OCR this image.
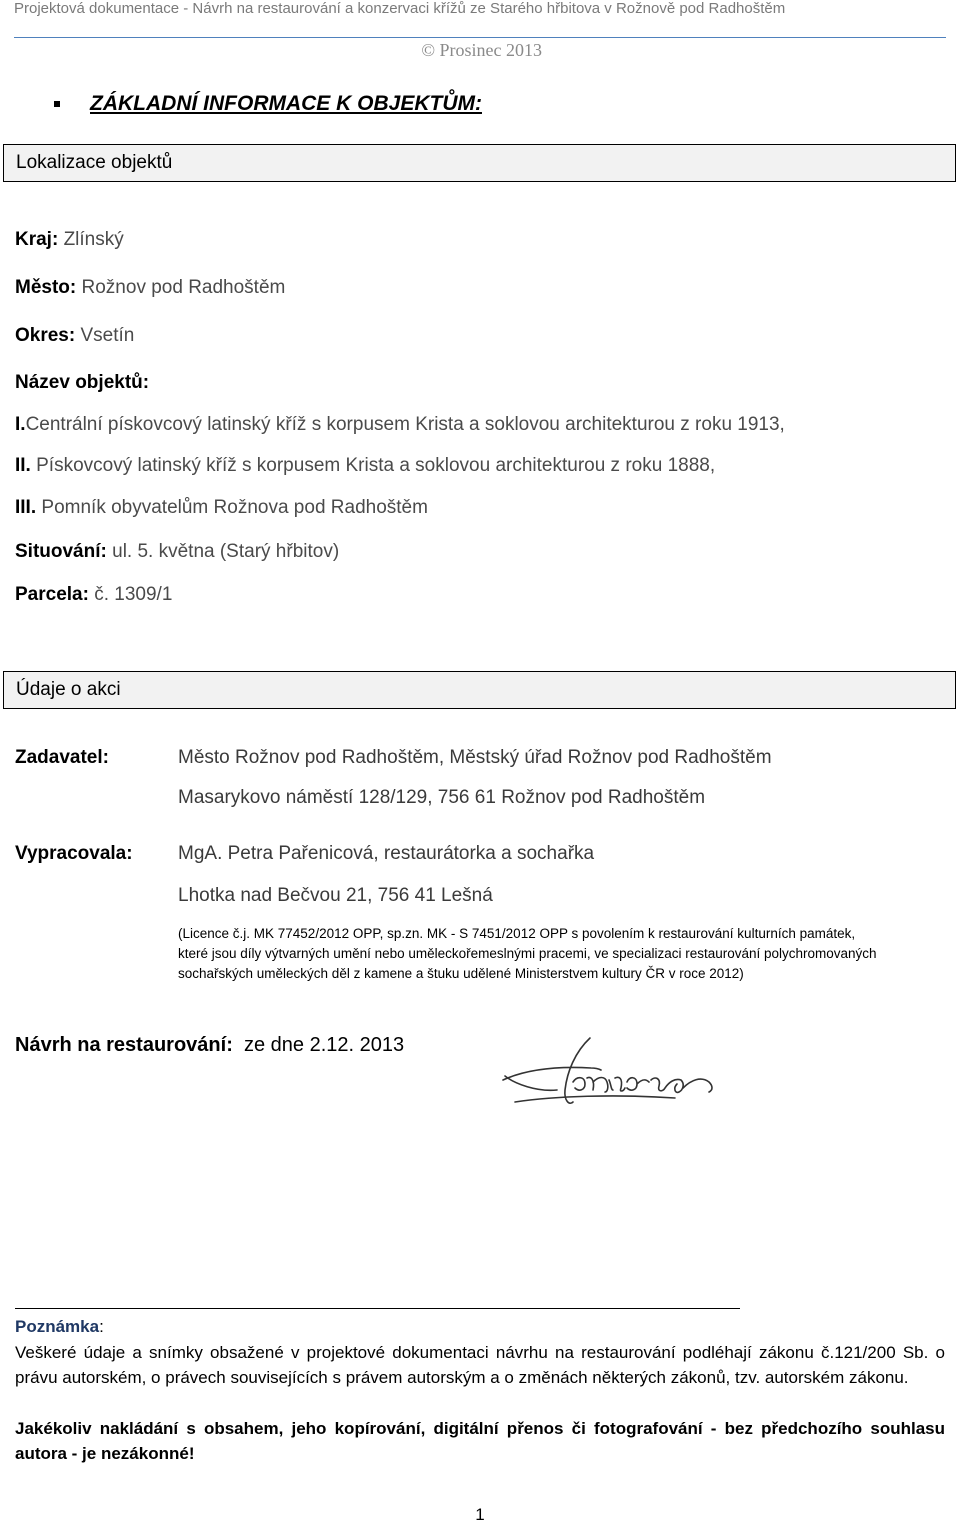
Projektová dokumentace - Návrh na restaurování a konzervaci křížů ze Starého hřbitova v Rožnově pod Radhoštěm
© Prosinec 2013
ZÁKLADNÍ INFORMACE K OBJEKTŮM:
Lokalizace objektů
Kraj: Zlínský
Město: Rožnov pod Radhoštěm
Okres: Vsetín
Název objektů:
I.Centrální pískovcový latinský kříž s korpusem Krista a soklovou architekturou z roku 1913,
II. Pískovcový latinský kříž s korpusem Krista a soklovou architekturou z roku 1888,
III. Pomník obyvatelům Rožnova pod Radhoštěm
Situování: ul. 5. května (Starý hřbitov)
Parcela: č. 1309/1
Údaje o akci
Zadavatel:	Město Rožnov pod Radhoštěm, Městský úřad Rožnov pod Radhoštěm
Masarykovo náměstí 128/129, 756 61 Rožnov pod Radhoštěm
Vypracovala: MgA. Petra Pařenicová, restaurátorka a sochařka
Lhotka nad Bečvou 21, 756 41 Lešná
(Licence č.j. MK 77452/2012 OPP, sp.zn. MK - S 7451/2012 OPP s povolením k restaurování kulturních památek, které jsou díly výtvarných umění nebo uměleckořemeslnými pracemi, ve specializaci restaurování polychromovaných sochařských uměleckých děl z kamene a štuku udělené Ministerstvem kultury ČR v roce 2012)
Návrh na restaurování: ze dne 2.12. 2013
Poznámka:
Veškeré údaje a snímky obsažené v projektové dokumentaci návrhu na restaurování podléhají zákonu č.121/200 Sb. o právu autorském, o právech souvisejících s právem autorským a o změnách některých zákonů, tzv. autorském zákonu.
Jakékoliv nakládání s obsahem, jeho kopírování, digitální přenos či fotografování - bez předchozího souhlasu autora - je nezákonné!
1
